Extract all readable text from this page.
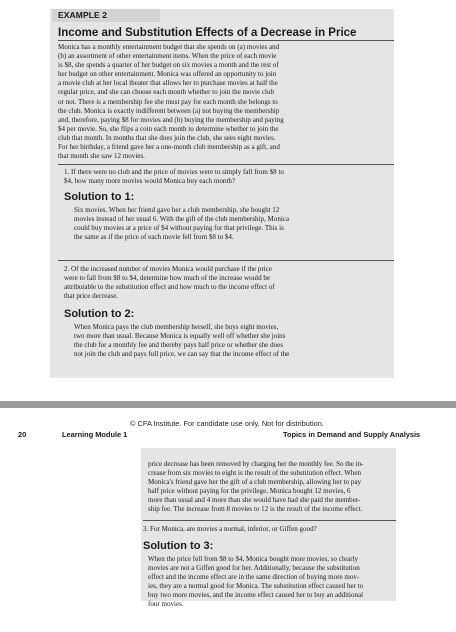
EXAMPLE 2
Income and Substitution Effects of a Decrease in Price
Monica has a monthly entertainment budget that she spends on (a) movies and
(b) an assortment of other entertainment items. When the price of each movie
is $8, she spends a quarter of her budget on six movies a month and the rest of
her budget on other entertainment. Monica was offered an opportunity to join
a movie club at her local theater that allows her to purchase movies at half the
regular price, and she can choose each month whether to join the movie club
or not. There is a membership fee she must pay for each month she belongs to
the club. Monica is exactly indifferent between (a) not buying the membership
and, therefore, paying $8 for movies and (b) buying the membership and paying
$4 per movie. So, she flips a coin each month to determine whether to join the
club that month. In months that she does join the club, she sees eight movies.
For her birthday, a friend gave her a one-month club membership as a gift, and
that month she saw 12 movies.
1. If there were no club and the price of movies were to simply fall from $8 to
$4, how many more movies would Monica buy each month?
Solution to 1:
Six movies. When her friend gave her a club membership, she bought 12
movies instead of her usual 6. With the gift of the club membership, Monica
could buy movies at a price of $4 without paying for that privilege. This is
the same as if the price of each movie fell from $8 to $4.
2. Of the increased number of movies Monica would purchase if the price
were to fall from $8 to $4, determine how much of the increase would be
attributable to the substitution effect and how much to the income effect of
that price decrease.
Solution to 2:
When Monica pays the club membership herself, she buys eight movies,
two more than usual. Because Monica is equally well off whether she joins
the club for a monthly fee and thereby pays half price or whether she does
not join the club and pays full price, we can say that the income effect of the
© CFA Institute. For candidate use only. Not for distribution.
20	Learning Module 1	Topics in Demand and Supply Analysis
price decrease has been removed by charging her the monthly fee. So the in-
crease from six movies to eight is the result of the substitution effect. When
Monica's friend gave her the gift of a club membership, allowing her to pay
half price without paying for the privilege, Monica bought 12 movies, 6
more than usual and 4 more than she would have had she paid the member-
ship fee. The increase from 8 movies to 12 is the result of the income effect.
3. For Monica, are movies a normal, inferior, or Giffen good?
Solution to 3:
When the price fell from $8 to $4, Monica bought more movies, so clearly
movies are not a Giffen good for her. Additionally, because the substitution
effect and the income effect are in the same direction of buying more mov-
ies, they are a normal good for Monica. The substitution effect caused her to
buy two more movies, and the income effect caused her to buy an additional
four movies.
